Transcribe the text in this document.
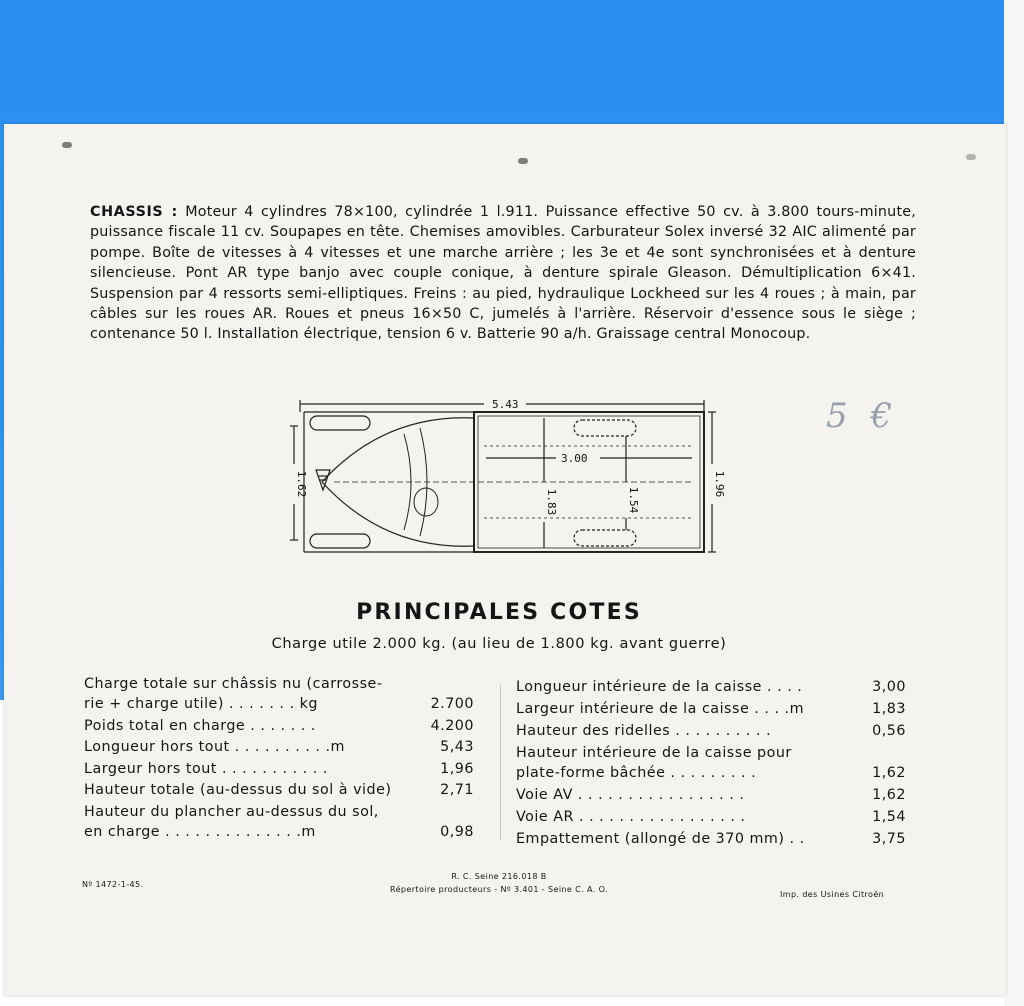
CHASSIS : Moteur 4 cylindres 78×100, cylindrée 1 l.911. Puissance effective 50 cv. à 3.800 tours-minute, puissance fiscale 11 cv. Soupapes en tête. Chemises amovibles. Carburateur Solex inversé 32 AIC alimenté par pompe. Boîte de vitesses à 4 vitesses et une marche arrière ; les 3e et 4e sont synchronisées et à denture silencieuse. Pont AR type banjo avec couple conique, à denture spirale Gleason. Démultiplication 6×41. Suspension par 4 ressorts semi-elliptiques. Freins : au pied, hydraulique Lockheed sur les 4 roues ; à main, par câbles sur les roues AR. Roues et pneus 16×50 C, jumelés à l'arrière. Réservoir d'essence sous le siège ; contenance 50 l. Installation électrique, tension 6 v. Batterie 90 a/h. Graissage central Monocoup.
5.43
3.00
1.62
1.83	1.54
1.96
5 €
PRINCIPALES COTES
Charge utile 2.000 kg. (au lieu de 1.800 kg. avant guerre)
Charge totale sur châssis nu (carrosse-
rie + charge utile) . . . . . . . kg	2.700
Poids total en charge . . . . . . .	4.200
Longueur hors tout . . . . . . . . . .m	5,43
Largeur hors tout . . . . . . . . . . .	1,96
Hauteur totale (au-dessus du sol à vide)	2,71
Hauteur du plancher au-dessus du sol,
en charge . . . . . . . . . . . . . .m	0,98
Longueur intérieure de la caisse . . . .	3,00
Largeur intérieure de la caisse . . . .m	1,83
Hauteur des ridelles . . . . . . . . . .	0,56
Hauteur intérieure de la caisse pour
plate-forme bâchée . . . . . . . . .	1,62
Voie AV . . . . . . . . . . . . . . . . .	1,62
Voie AR . . . . . . . . . . . . . . . . .	1,54
Empattement (allongé de 370 mm) . .	3,75
Nº 1472-1-45.
R. C. Seine 216.018 B
Répertoire producteurs - Nº 3.401 - Seine C. A. O.
Imp. des Usines Citroën
